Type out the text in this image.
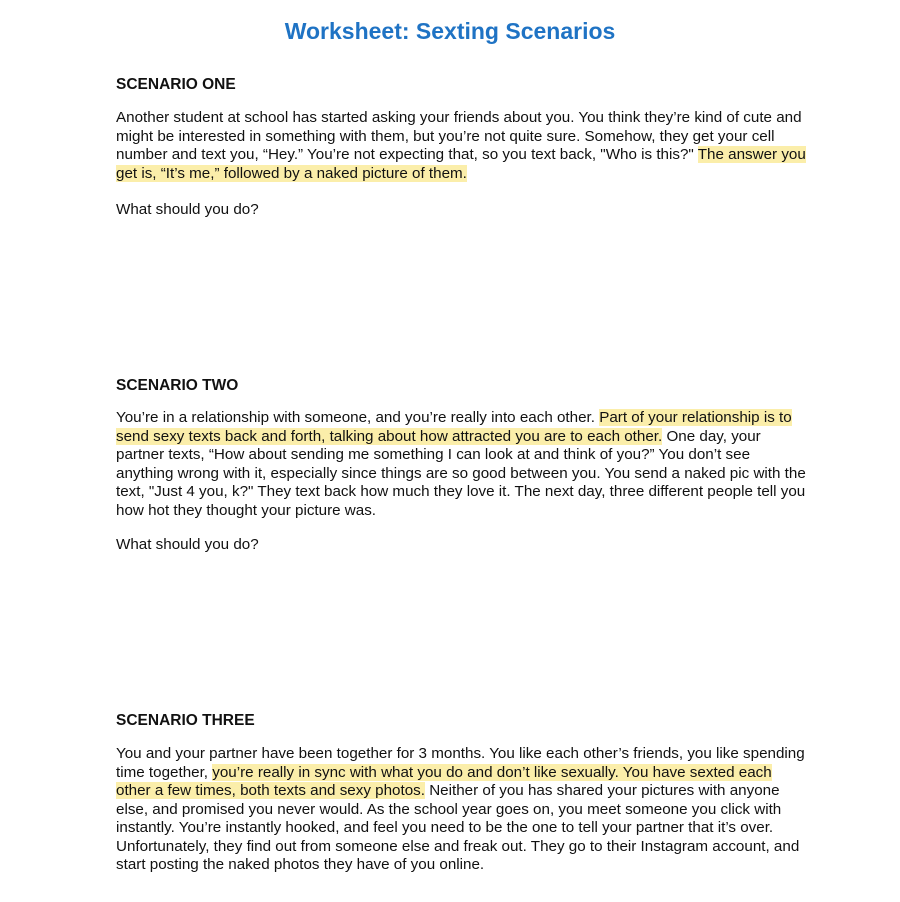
Worksheet: Sexting Scenarios
SCENARIO ONE
Another student at school has started asking your friends about you. You think they’re kind of cute and might be interested in something with them, but you’re not quite sure. Somehow, they get your cell number and text you, “Hey.” You’re not expecting that, so you text back, "Who is this?" The answer you get is, “It’s me,” followed by a naked picture of them.
What should you do?
SCENARIO TWO
You’re in a relationship with someone, and you’re really into each other. Part of your relationship is to send sexy texts back and forth, talking about how attracted you are to each other. One day, your partner texts, “How about sending me something I can look at and think of you?” You don’t see anything wrong with it, especially since things are so good between you. You send a naked pic with the text, "Just 4 you, k?" They text back how much they love it. The next day, three different people tell you how hot they thought your picture was.
What should you do?
SCENARIO THREE
You and your partner have been together for 3 months. You like each other’s friends, you like spending time together, you’re really in sync with what you do and don’t like sexually. You have sexted each other a few times, both texts and sexy photos. Neither of you has shared your pictures with anyone else, and promised you never would. As the school year goes on, you meet someone you click with instantly. You’re instantly hooked, and feel you need to be the one to tell your partner that it’s over. Unfortunately, they find out from someone else and freak out. They go to their Instagram account, and start posting the naked photos they have of you online.
